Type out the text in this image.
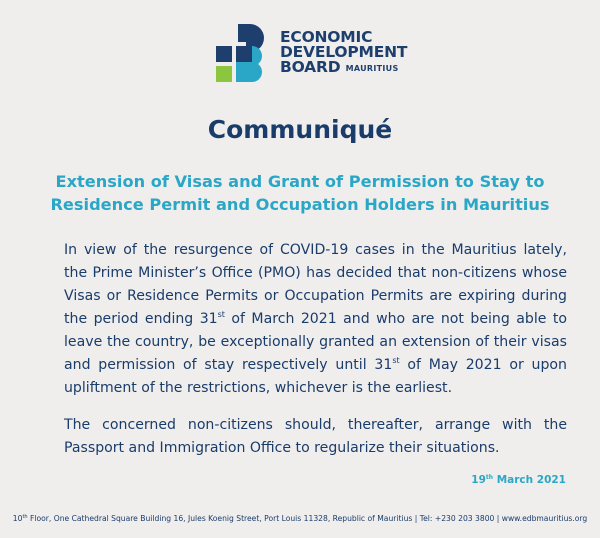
ECONOMIC
DEVELOPMENT
BOARD MAURITIUS
Communiqué
Extension of Visas and Grant of Permission to Stay to
Residence Permit and Occupation Holders in Mauritius
In view of the resurgence of COVID-19 cases in the Mauritius lately, the Prime Minister’s Office (PMO) has decided that non-citizens whose Visas or Residence Permits or Occupation Permits are expiring during the period ending 31st of March 2021 and who are not being able to leave the country, be exceptionally granted an extension of their visas and permission of stay respectively until 31st of May 2021 or upon upliftment of the restrictions, whichever is the earliest.
The concerned non-citizens should, thereafter, arrange with the Passport and Immigration Office to regularize their situations.
19th March 2021
10th Floor, One Cathedral Square Building 16, Jules Koenig Street, Port Louis 11328, Republic of Mauritius | Tel: +230 203 3800 | www.edbmauritius.org
